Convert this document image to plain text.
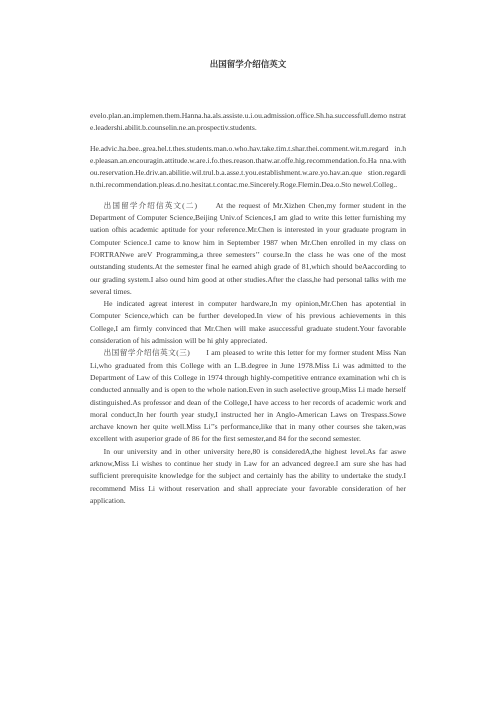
出国留学介绍信英文

evelo.plan.an.implemen.them.Hanna.ha.als.assiste.u.i.ou.admission.office.Sh.ha.successfull.demo nstrate.leadershi.abilit.b.counselin.ne.an.prospectiv.students.

He.advic.ha.bee..grea.hel.t.thes.students.man.o.who.hav.take.tim.t.shar.thei.comment.wit.m.regard in.he.pleasan.an.encouragin.attitude.w.are.i.fo.thes.reason.thatw.ar.offe.hig.recommendation.fo.Ha nna.withou.reservation.He.driv.an.abilitie.wil.trul.b.a.asse.t.you.establishment.w.are.yo.hav.an.que stion.regardin.thi.recommendation.pleas.d.no.hesitat.t.contac.me.Sincerely.Roge.Flemin.Dea.o.Sto newel.Colleg..

出国留学介绍信英文(二)　　At the request of Mr.Xizhen Chen,my former student in the Department of Computer Science,Beijing Univ.of Sciences,I am glad to write this letter furnishing my uation ofhis academic aptitude for your reference.Mr.Chen is interested in your graduate program in Computer Science.I came to know him in September 1987 when Mr.Chen enrolled in my class on FORTRANwe areV Programming,a three semesters’’ course.In the class he was one of the most outstanding students.At the semester final he earned ahigh grade of 81,which should beAaccording to our grading system.I also ound him good at other studies.After the class,he had personal talks with me several times.

He indicated agreat interest in computer hardware,In my opinion,Mr.Chen has apotential in Computer Science,which can be further developed.In view of his previous achievements in this College,I am firmly convinced that Mr.Chen will make asuccessful graduate student.Your favorable consideration of his admission will be hi ghly appreciated.

出国留学介绍信英文(三)　　I am pleased to write this letter for my former student Miss Nan Li,who graduated from this College with an L.B.degree in June 1978.Miss Li was admitted to the Department of Law of this College in 1974 through highly-competitive entrance examination whi ch is conducted annually and is open to the whole nation.Even in such aselective group,Miss Li made herself distinguished.As professor and dean of the College,I have access to her records of academic work and moral conduct,In her fourth year study,I instructed her in Anglo-American Laws on Trespass.Sowe archave known her quite well.Miss Li’’s performance,like that in many other courses she taken,was excellent with asuperior grade of 86 for the first semester,and 84 for the second semester.

In our university and in other university here,80 is consideredA,the highest level.As far aswe arknow,Miss Li wishes to continue her study in Law for an advanced degree.I am sure she has had sufficient prerequisite knowledge for the subject and certainly has the ability to undertake the study.I recommend Miss Li without reservation and shall appreciate your favorable consideration of her application.
